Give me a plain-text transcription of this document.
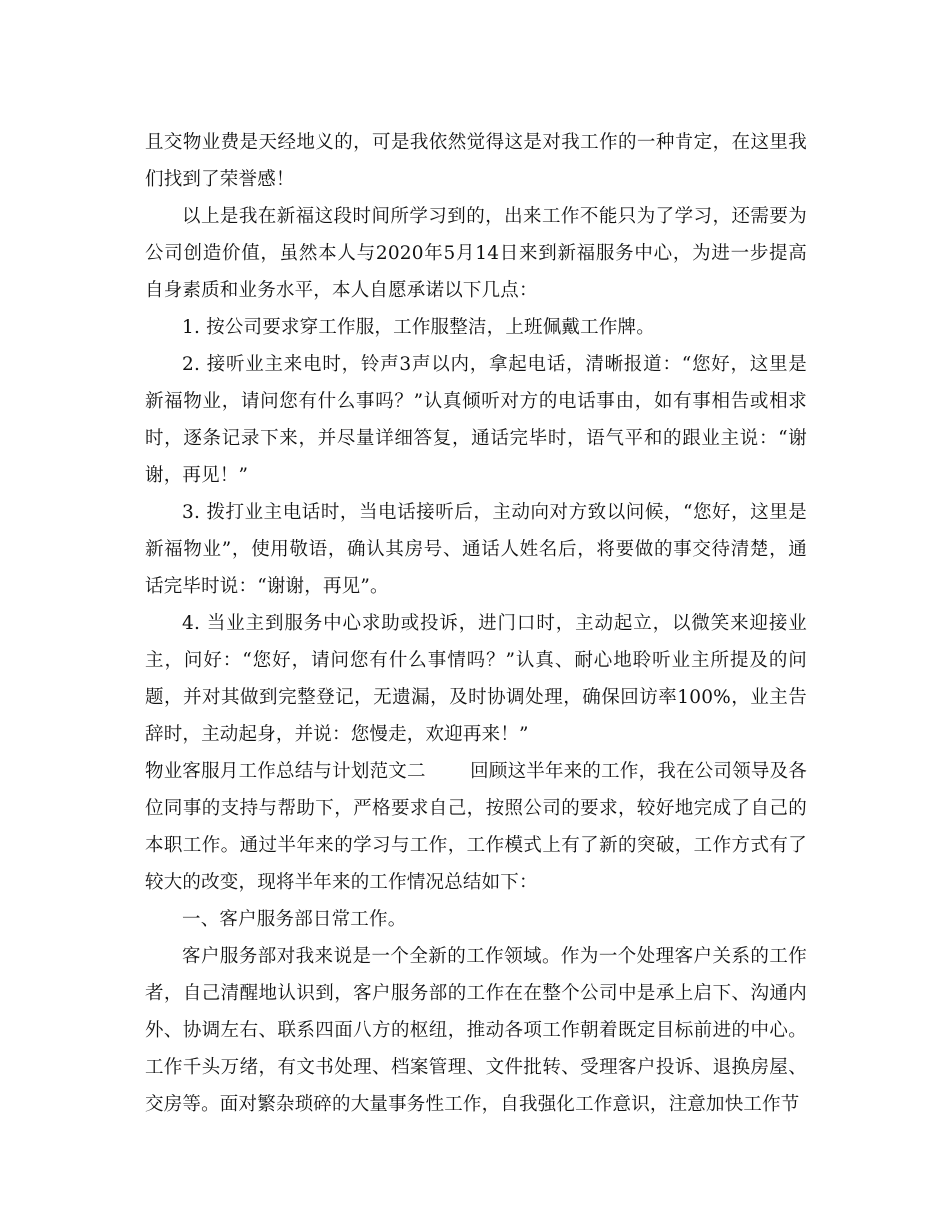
且交物业费是天经地义的，可是我依然觉得这是对我工作的一种肯定，在这里我们找到了荣誉感！

以上是我在新福这段时间所学习到的，出来工作不能只为了学习，还需要为公司创造价值，虽然本人与2020年5月14日来到新福服务中心，为进一步提高自身素质和业务水平，本人自愿承诺以下几点：

1. 按公司要求穿工作服，工作服整洁，上班佩戴工作牌。

2. 接听业主来电时，铃声3声以内，拿起电话，清晰报道：“您好，这里是新福物业，请问您有什么事吗？”认真倾听对方的电话事由，如有事相告或相求时，逐条记录下来，并尽量详细答复，通话完毕时，语气平和的跟业主说：“谢谢，再见！”

3. 拨打业主电话时，当电话接听后，主动向对方致以问候，“您好，这里是新福物业”，使用敬语，确认其房号、通话人姓名后，将要做的事交待清楚，通话完毕时说：“谢谢，再见”。

4. 当业主到服务中心求助或投诉，进门口时，主动起立，以微笑来迎接业主，问好：“您好，请问您有什么事情吗？”认真、耐心地聆听业主所提及的问题，并对其做到完整登记，无遗漏，及时协调处理，确保回访率100%，业主告辞时，主动起身，并说：您慢走，欢迎再来！”

物业客服月工作总结与计划范文二 回顾这半年来的工作，我在公司领导及各位同事的支持与帮助下，严格要求自己，按照公司的要求，较好地完成了自己的本职工作。通过半年来的学习与工作，工作模式上有了新的突破，工作方式有了较大的改变，现将半年来的工作情况总结如下：

一、客户服务部日常工作。

客户服务部对我来说是一个全新的工作领域。作为一个处理客户关系的工作者，自己清醒地认识到，客户服务部的工作在在整个公司中是承上启下、沟通内外、协调左右、联系四面八方的枢纽，推动各项工作朝着既定目标前进的中心。工作千头万绪，有文书处理、档案管理、文件批转、受理客户投诉、退换房屋、交房等。面对繁杂琐碎的大量事务性工作，自我强化工作意识，注意加快工作节
